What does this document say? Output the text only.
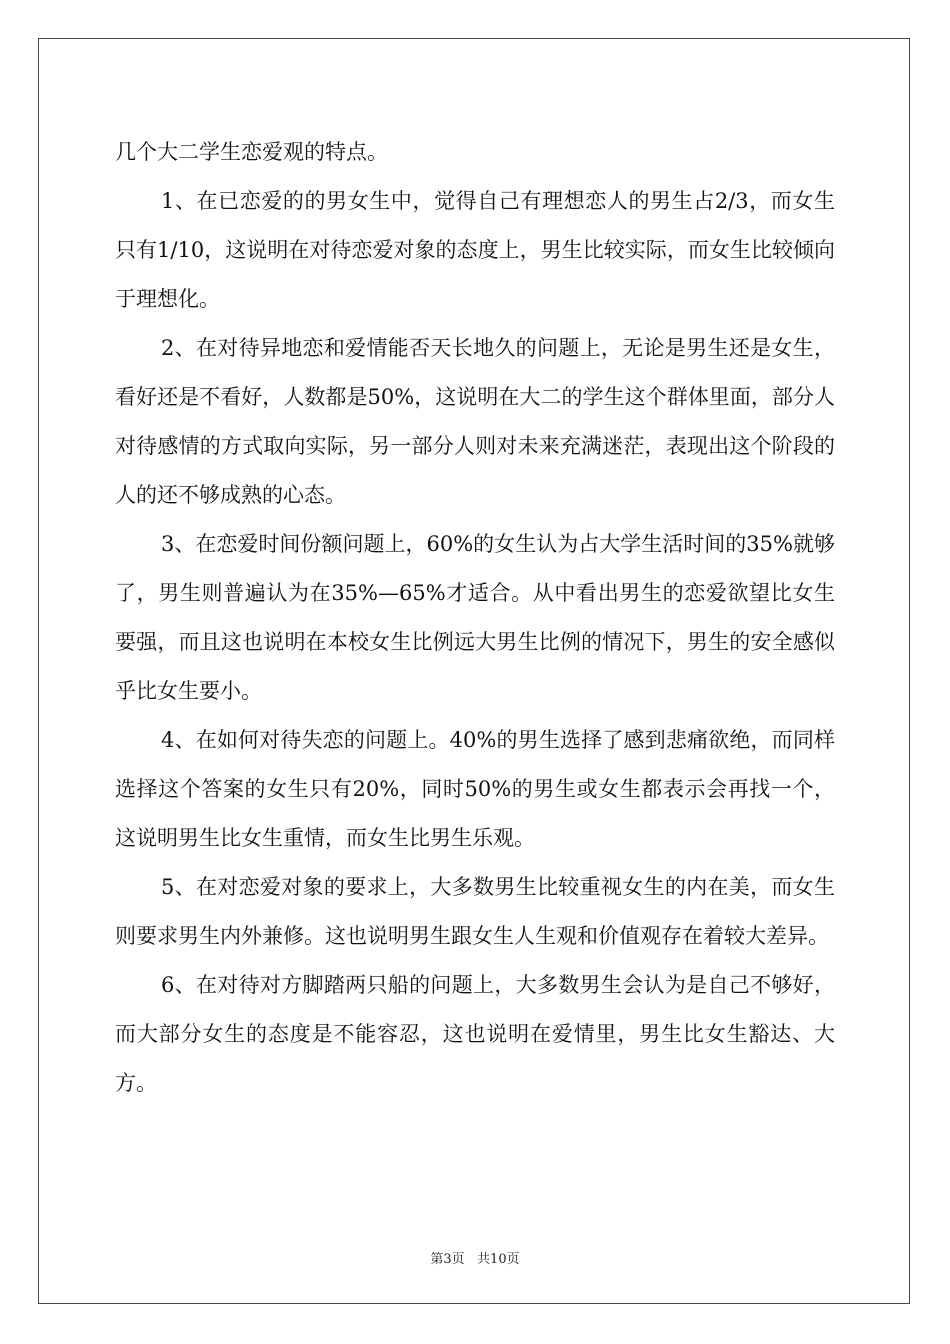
几个大二学生恋爱观的特点。

1、在已恋爱的的男女生中，觉得自己有理想恋人的男生占2/3，而女生只有1/10，这说明在对待恋爱对象的态度上，男生比较实际，而女生比较倾向于理想化。

2、在对待异地恋和爱情能否天长地久的问题上，无论是男生还是女生，看好还是不看好，人数都是50%，这说明在大二的学生这个群体里面，部分人对待感情的方式取向实际，另一部分人则对未来充满迷茫，表现出这个阶段的人的还不够成熟的心态。

3、在恋爱时间份额问题上，60%的女生认为占大学生活时间的35%就够了，男生则普遍认为在35%—65%才适合。从中看出男生的恋爱欲望比女生要强，而且这也说明在本校女生比例远大男生比例的情况下，男生的安全感似乎比女生要小。

4、在如何对待失恋的问题上。40%的男生选择了感到悲痛欲绝，而同样选择这个答案的女生只有20%，同时50%的男生或女生都表示会再找一个，这说明男生比女生重情，而女生比男生乐观。

5、在对恋爱对象的要求上，大多数男生比较重视女生的内在美，而女生则要求男生内外兼修。这也说明男生跟女生人生观和价值观存在着较大差异。

6、在对待对方脚踏两只船的问题上，大多数男生会认为是自己不够好，而大部分女生的态度是不能容忍，这也说明在爱情里，男生比女生豁达、大方。

第3页   共10页
